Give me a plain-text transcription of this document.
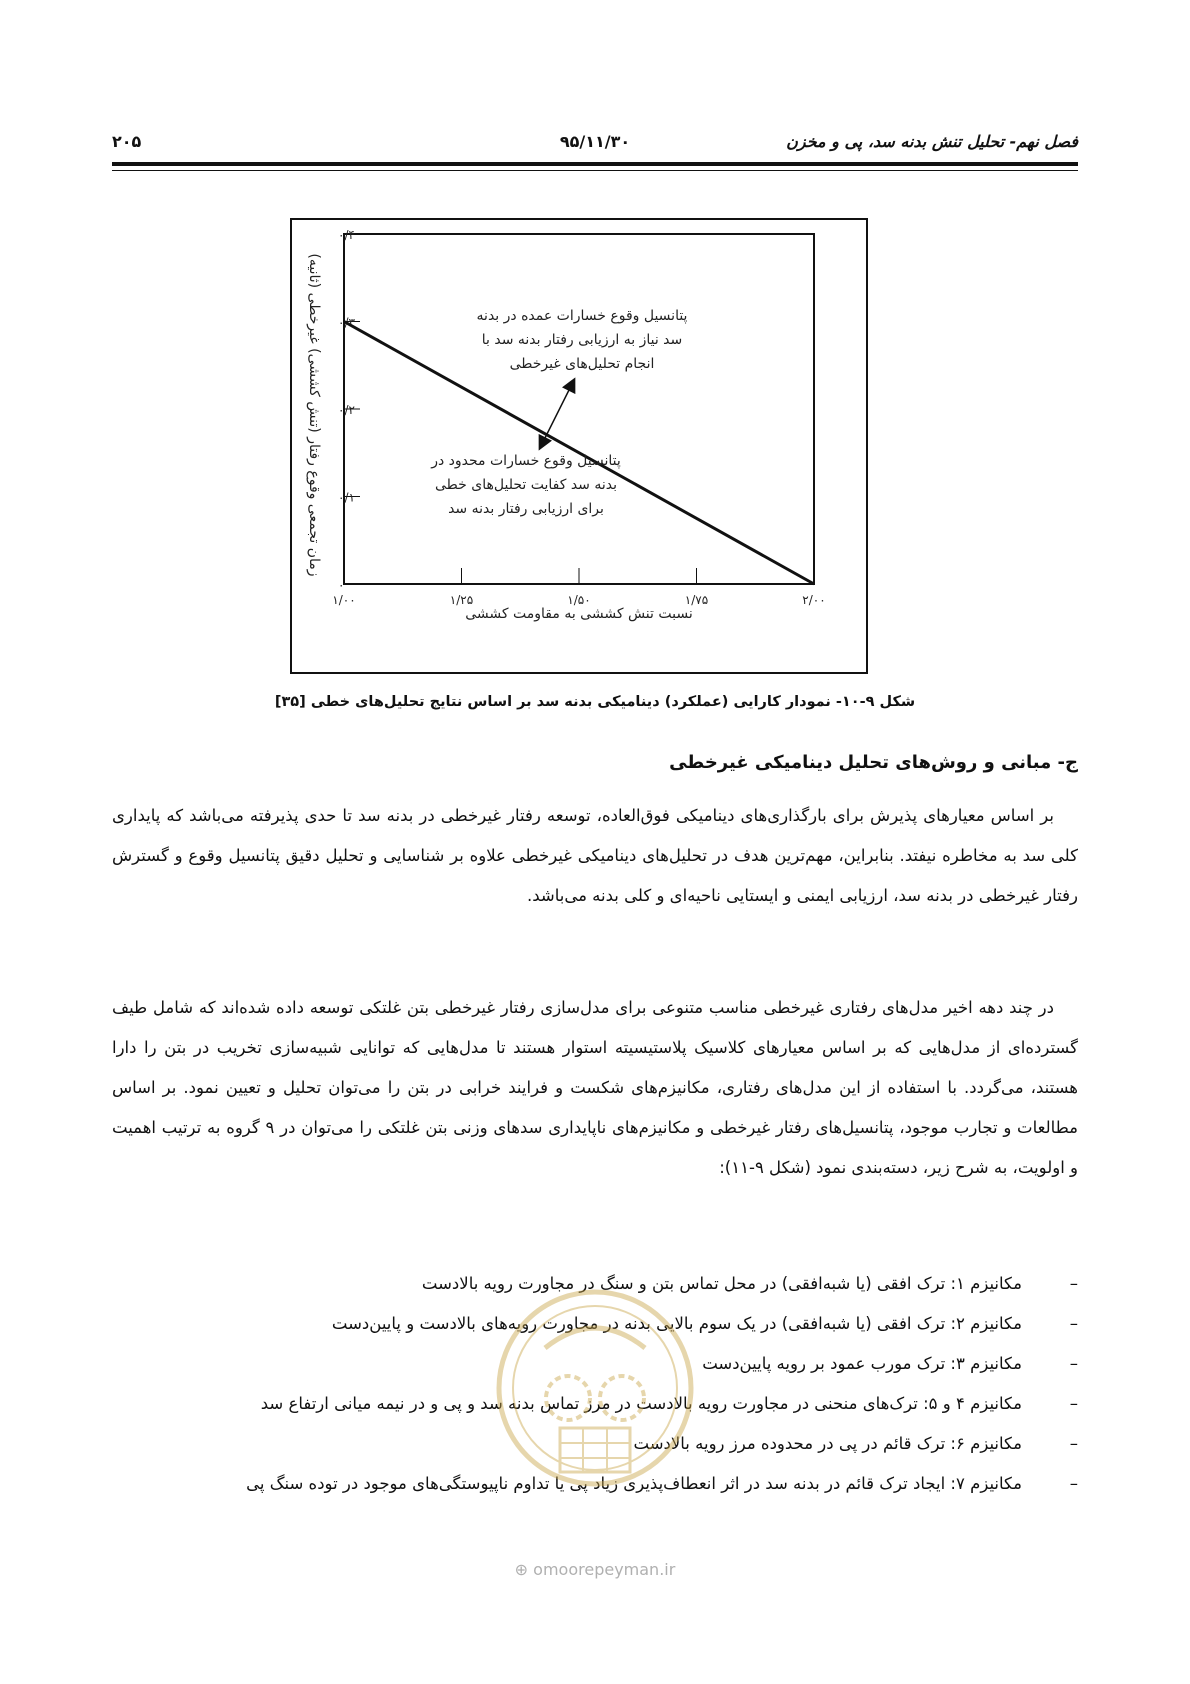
فصل نهم- تحلیل تنش بدنه سد، پی و مخزن
۹۵/۱۱/۳۰
۲۰۵
۰
۰/۱
۰/۲
۰/۳
۰/۴
۱/۰۰	۱/۲۵	۱/۵۰	۱/۷۵	۲/۰۰
پتانسیل وقوع خسارات عمده در بدنه
سد نیاز به ارزیابی رفتار بدنه سد با
انجام تحلیل‌های غیرخطی
پتانسیل وقوع خسارات محدود در
بدنه سد کفایت تحلیل‌های خطی
برای ارزیابی رفتار بدنه سد
نسبت تنش کششی به مقاومت کششی
زمان تجمعی وقوع رفتار (تنش کششی) غیرخطی (ثانیه)
شکل ۹-۱۰- نمودار کارایی (عملکرد) دینامیکی بدنه سد بر اساس نتایج تحلیل‌های خطی [۳۵]
ج- مبانی و روش‌های تحلیل دینامیکی غیرخطی
بر اساس معیارهای پذیرش برای بارگذاری‌های دینامیکی فوق‌العاده، توسعه رفتار غیرخطی در بدنه سد تا حدی پذیرفته می‌باشد که پایداری کلی سد به مخاطره نیفتد. بنابراین، مهم‌ترین هدف در تحلیل‌های دینامیکی غیرخطی علاوه بر شناسایی و تحلیل دقیق پتانسیل وقوع و گسترش رفتار غیرخطی در بدنه سد، ارزیابی ایمنی و ایستایی ناحیه‌ای و کلی بدنه می‌باشد.
در چند دهه اخیر مدل‌های رفتاری غیرخطی مناسب متنوعی برای مدل‌سازی رفتار غیرخطی بتن غلتکی توسعه داده شده‌اند که شامل طیف گسترده‌ای از مدل‌هایی که بر اساس معیارهای کلاسیک پلاستیسیته استوار هستند تا مدل‌هایی که توانایی شبیه‌سازی تخریب در بتن را دارا هستند، می‌گردد. با استفاده از این مدل‌های رفتاری، مکانیزم‌های شکست و فرایند خرابی در بتن را می‌توان تحلیل و تعیین نمود. بر اساس مطالعات و تجارب موجود، پتانسیل‌های رفتار غیرخطی و مکانیزم‌های ناپایداری سدهای وزنی بتن غلتکی را می‌توان در ۹ گروه به ترتیب اهمیت و اولویت، به شرح زیر، دسته‌بندی نمود (شکل ۹-۱۱):
–
مکانیزم ۱: ترک افقی (یا شبه‌افقی) در محل تماس بتن و سنگ در مجاورت رویه بالادست
–
مکانیزم ۲: ترک افقی (یا شبه‌افقی) در یک سوم بالایی بدنه در مجاورت رویه‌های بالادست و پایین‌دست
–
مکانیزم ۳: ترک مورب عمود بر رویه پایین‌دست
–
مکانیزم ۴ و ۵: ترک‌های منحنی در مجاورت رویه بالادست در مرز تماس بدنه سد و پی و در نیمه میانی ارتفاع سد
–
مکانیزم ۶: ترک قائم در پی در محدوده مرز رویه بالادست
–
مکانیزم ۷: ایجاد ترک قائم در بدنه سد در اثر انعطاف‌پذیری زیاد پی یا تداوم ناپیوستگی‌های موجود در توده سنگ پی
⊕ omoorepeyman.ir
